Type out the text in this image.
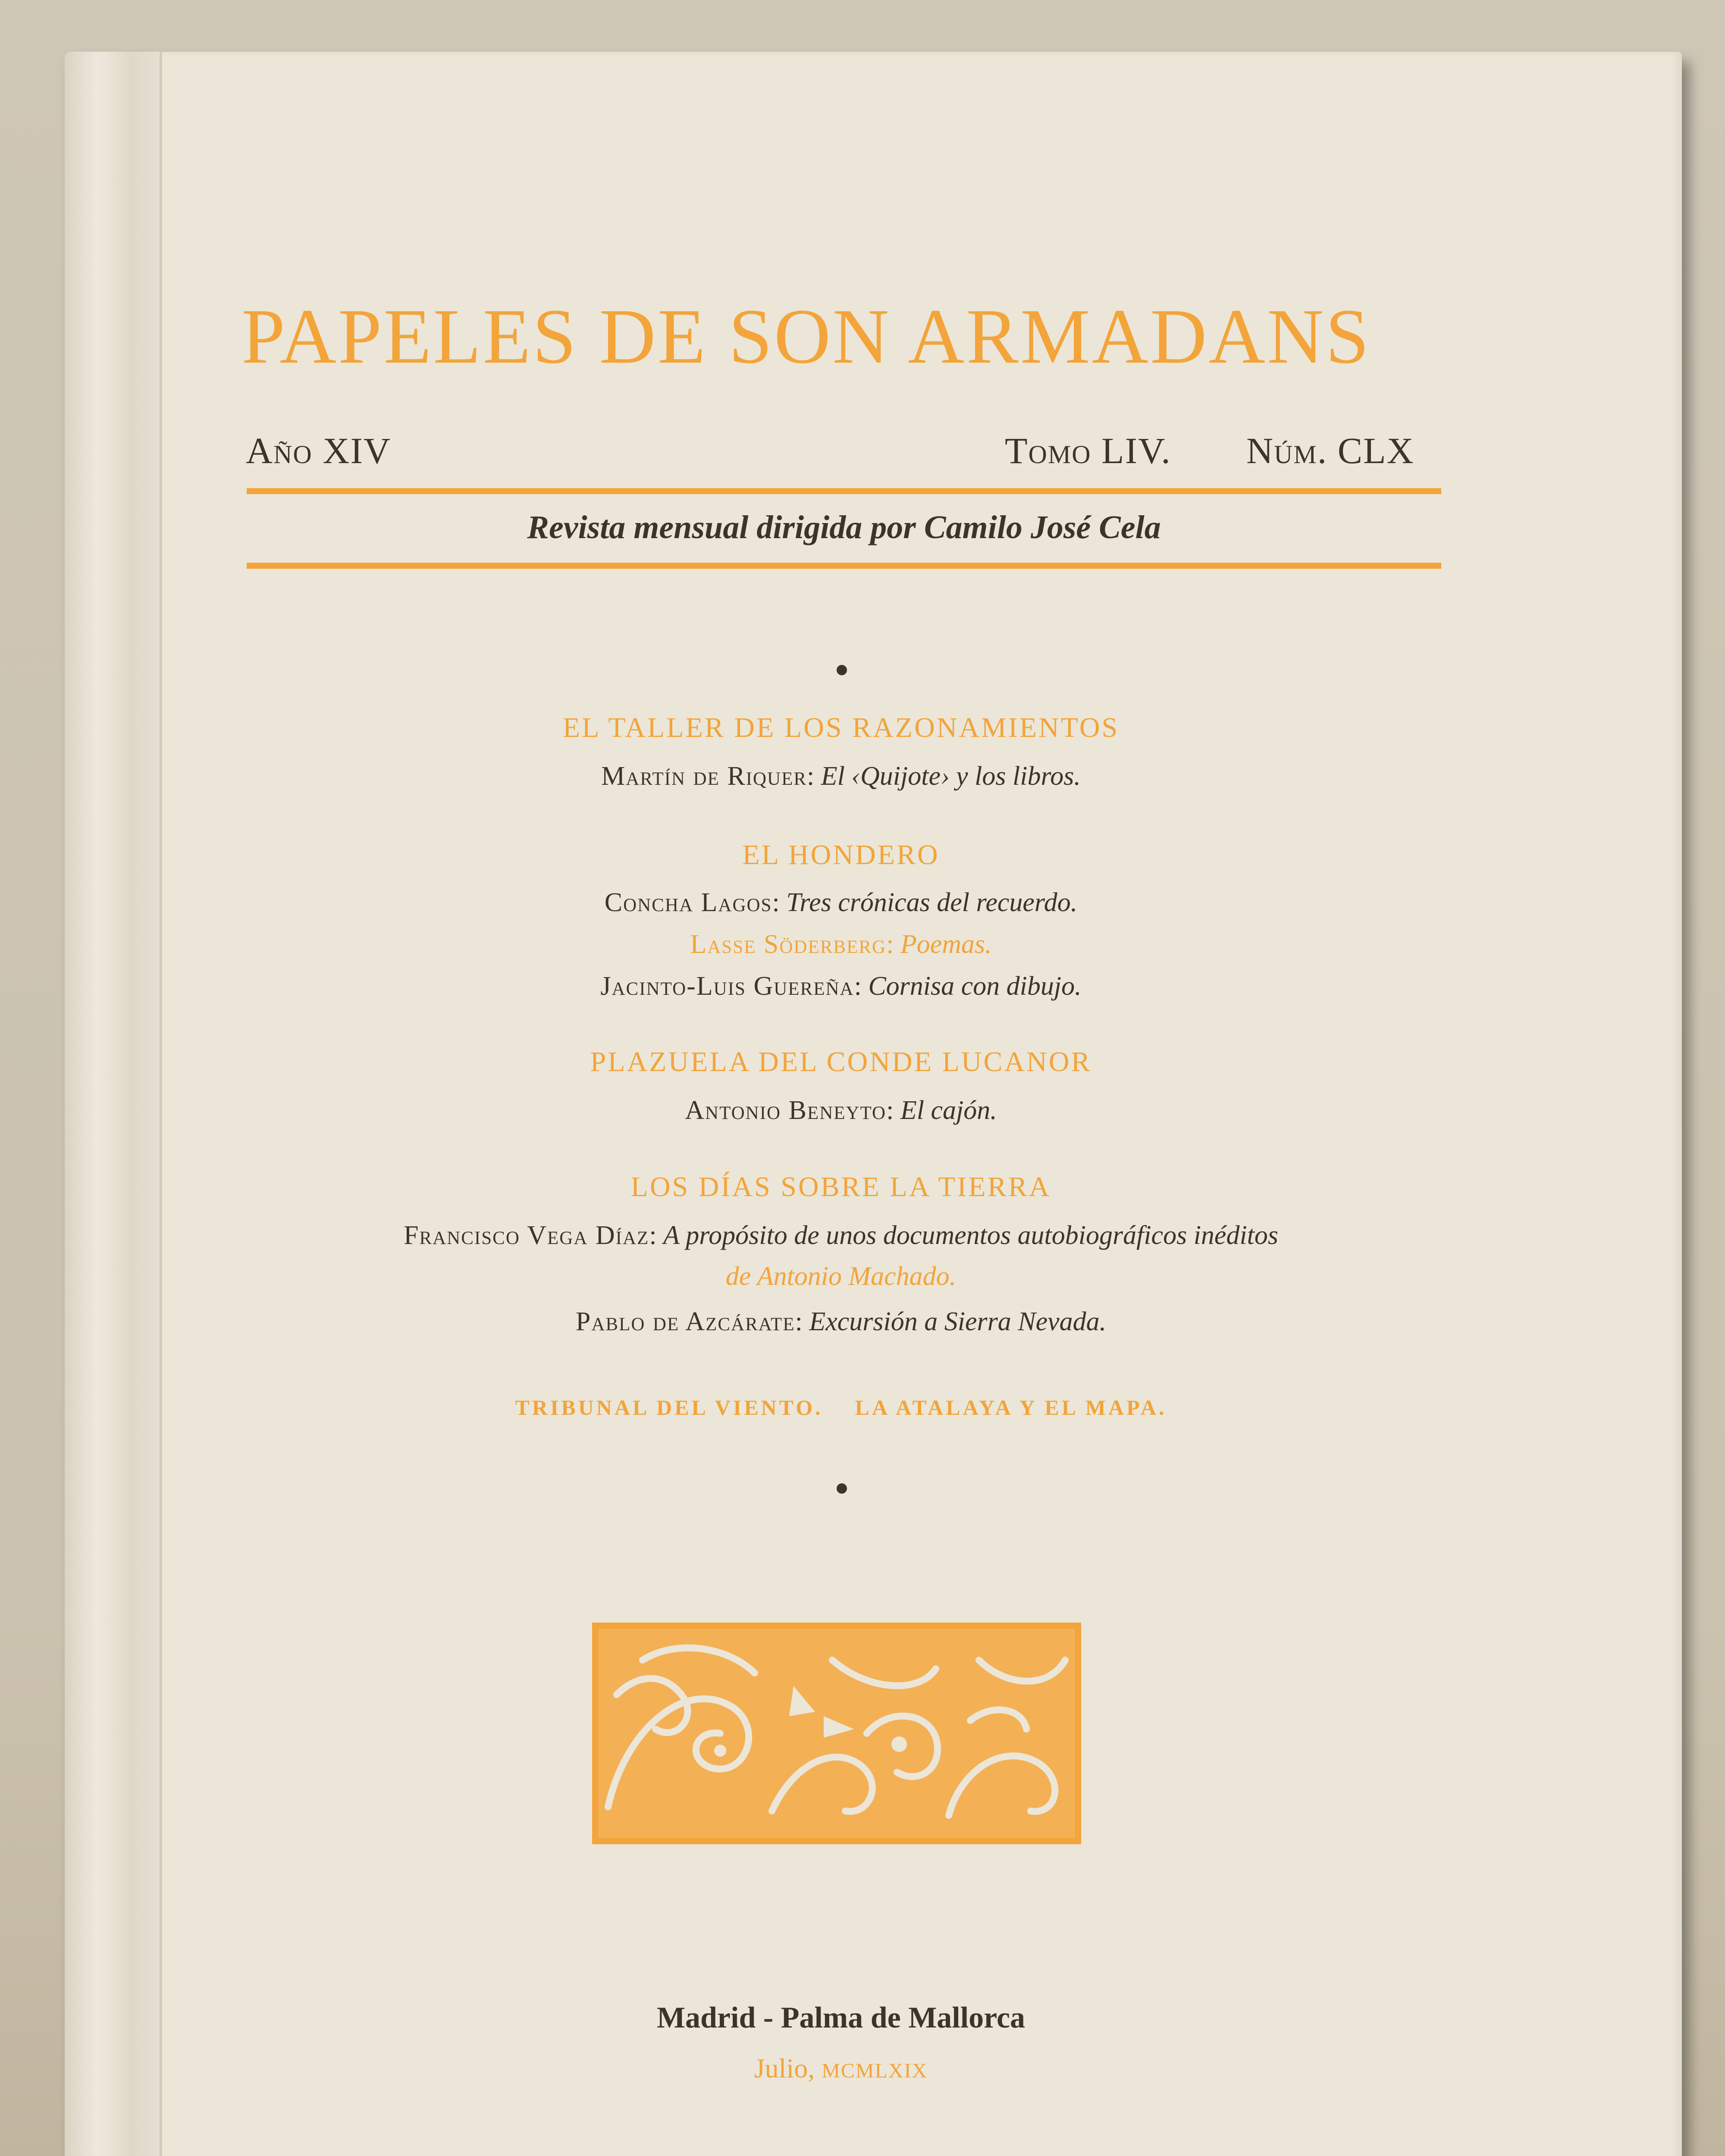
PAPELES DE SON ARMADANS
Año XIV	Tomo LIV. Núm. CLX
Revista mensual dirigida por Camilo José Cela
EL TALLER DE LOS RAZONAMIENTOS
Martín de Riquer: El ‹Quijote› y los libros.
EL HONDERO
Concha Lagos: Tres crónicas del recuerdo.
Lasse Söderberg: Poemas.
Jacinto-Luis Guereña: Cornisa con dibujo.
PLAZUELA DEL CONDE LUCANOR
Antonio Beneyto: El cajón.
LOS DÍAS SOBRE LA TIERRA
Francisco Vega Díaz: A propósito de unos documentos autobiográficos inéditos
de Antonio Machado.
Pablo de Azcárate: Excursión a Sierra Nevada.
TRIBUNAL DEL VIENTO. LA ATALAYA Y EL MAPA.
Madrid - Palma de Mallorca
Julio, MCMLXIX
